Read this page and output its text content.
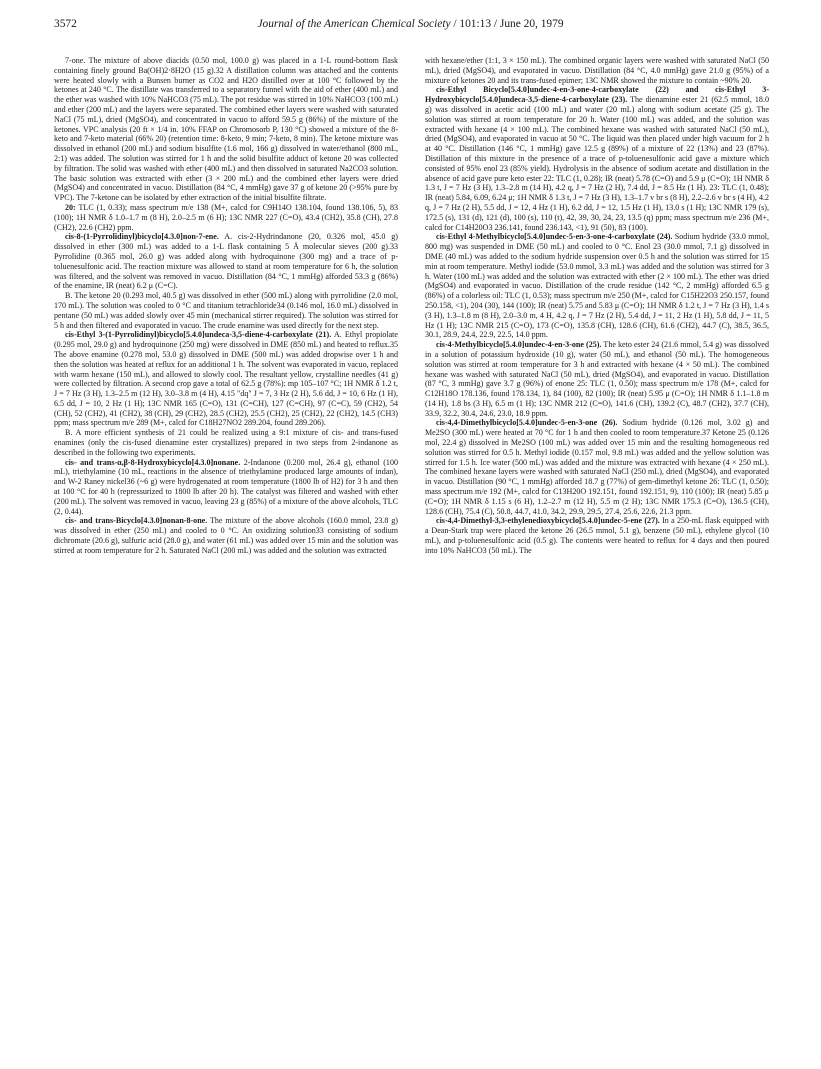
3572	Journal of the American Chemical Society / 101:13 / June 20, 1979

7-one. The mixture of above diacids (0.50 mol, 100.0 g) was placed in a 1-L round-bottom flask containing finely ground Ba(OH)2·8H2O (15 g).32 A distillation column was attached and the contents were heated slowly with a Bunsen burner as CO2 and H2O distilled over at 100 °C followed by the ketones at 240 °C. The distillate was transferred to a separatory funnel with the aid of ether (400 mL) and the ether was washed with 10% NaHCO3 (75 mL). The pot residue was stirred in 10% NaHCO3 (100 mL) and ether (200 mL) and the layers were separated. The combined ether layers were washed with saturated NaCl (75 mL), dried (MgSO4), and concentrated in vacuo to afford 59.5 g (86%) of the mixture of the ketones. VPC analysis (20 ft × 1/4 in. 10% FFAP on Chromosorb P, 130 °C) showed a mixture of the 8-keto and 7-keto material (66% 20) (retention time: 8-keto, 9 min; 7-keto, 8 min). The ketone mixture was dissolved in ethanol (200 mL) and sodium bisulfite (1.6 mol, 166 g) dissolved in water/ethanol (800 mL, 2:1) was added. The solution was stirred for 1 h and the solid bisulfite adduct of ketone 20 was collected by filtration. The solid was washed with ether (400 mL) and then dissolved in saturated Na2CO3 solution. The basic solution was extracted with ether (3 × 200 mL) and the combined ether layers were dried (MgSO4) and concentrated in vacuo. Distillation (84 °C, 4 mmHg) gave 37 g of ketone 20 (>95% pure by VPC). The 7-ketone can be isolated by ether extraction of the initial bisulfite filtrate.

20: TLC (1, 0.33); mass spectrum m/e 138 (M+, calcd for C9H14O 138.104, found 138.106, 5), 83 (100); 1H NMR δ 1.0–1.7 m (8 H), 2.0–2.5 m (6 H); 13C NMR 227 (C=O), 43.4 (CH2), 35.8 (CH), 27.8 (CH2), 22.6 (CH2) ppm.

cis-8-(1-Pyrrolidinyl)bicyclo[4.3.0]non-7-ene. A. cis-2-Hydrindanone (20, 0.326 mol, 45.0 g) dissolved in ether (300 mL) was added to a 1-L flask containing 5 Å molecular sieves (200 g).33 Pyrrolidine (0.365 mol, 26.0 g) was added along with hydroquinone (300 mg) and a trace of p-toluenesulfonic acid. The reaction mixture was allowed to stand at room temperature for 6 h, the solution was filtered, and the solvent was removed in vacuo. Distillation (84 °C, 1 mmHg) afforded 53.3 g (86%) of the enamine, IR (neat) 6.2 μ (C=C).

B. The ketone 20 (0.293 mol, 40.5 g) was dissolved in ether (500 mL) along with pyrrolidine (2.0 mol, 170 mL). The solution was cooled to 0 °C and titanium tetrachloride34 (0.146 mol, 16.0 mL) dissolved in pentane (50 mL) was added slowly over 45 min (mechanical stirrer required). The solution was stirred for 5 h and then filtered and evaporated in vacuo. The crude enamine was used directly for the next step.

cis-Ethyl 3-(1-Pyrrolidinyl)bicyclo[5.4.0]undeca-3,5-diene-4-carboxylate (21). A. Ethyl propiolate (0.295 mol, 29.0 g) and hydroquinone (250 mg) were dissolved in DME (850 mL) and heated to reflux.35 The above enamine (0.278 mol, 53.0 g) dissolved in DME (500 mL) was added dropwise over 1 h and then the solution was heated at reflux for an additional 1 h. The solvent was evaporated in vacuo, replaced with warm hexane (150 mL), and allowed to slowly cool. The resultant yellow, crystalline needles (41 g) were collected by filtration. A second crop gave a total of 62.5 g (78%): mp 105–107 °C; 1H NMR δ 1.2 t, J = 7 Hz (3 H), 1.3–2.5 m (12 H), 3.0–3.8 m (4 H), 4.15 "dq" J = 7, 3 Hz (2 H), 5.6 dd, J = 10, 6 Hz (1 H), 6.5 dd, J = 10, 2 Hz (1 H); 13C NMR 165 (C=O), 131 (C=CH), 127 (C=CH), 97 (C=C), 59 (CH2), 54 (CH), 52 (CH2), 41 (CH2), 38 (CH), 29 (CH2), 28.5 (CH2), 25.5 (CH2), 25 (CH2), 22 (CH2), 14.5 (CH3) ppm; mass spectrum m/e 289 (M+, calcd for C18H27NO2 289.204, found 289.206).

B. A more efficient synthesis of 21 could be realized using a 9:1 mixture of cis- and trans-fused enamines (only the cis-fused dienamine ester crystallizes) prepared in two steps from 2-indanone as described in the following two experiments.

cis- and trans-α,β-8-Hydroxybicyclo[4.3.0]nonane. 2-Indanone (0.200 mol, 26.4 g), ethanol (100 mL), triethylamine (10 mL, reactions in the absence of triethylamine produced large amounts of indan), and W-2 Raney nickel36 (~6 g) were hydrogenated at room temperature (1800 lb of H2) for 3 h and then at 100 °C for 40 h (repressurized to 1800 lb after 20 h). The catalyst was filtered and washed with ether (200 mL). The solvent was removed in vacuo, leaving 23 g (85%) of a mixture of the above alcohols, TLC (2, 0.44).

cis- and trans-Bicyclo[4.3.0]nonan-8-one. The mixture of the above alcohols (160.0 mmol, 23.8 g) was dissolved in ether (250 mL) and cooled to 0 °C. An oxidizing solution33 consisting of sodium dichromate (20.6 g), sulfuric acid (28.0 g), and water (61 mL) was added over 15 min and the solution was stirred at room temperature for 2 h. Saturated NaCl (200 mL) was added and the solution was extracted

with hexane/ether (1:1, 3 × 150 mL). The combined organic layers were washed with saturated NaCl (50 mL), dried (MgSO4), and evaporated in vacuo. Distillation (84 °C, 4.0 mmHg) gave 21.0 g (95%) of a mixture of ketones 20 and its trans-fused epimer; 13C NMR showed the mixture to contain ~90% 20.

cis-Ethyl Bicyclo[5.4.0]undec-4-en-3-one-4-carboxylate (22) and cis-Ethyl 3-Hydroxybicyclo[5.4.0]undeca-3,5-diene-4-carboxylate (23). The dienamine ester 21 (62.5 mmol, 18.0 g) was dissolved in acetic acid (100 mL) and water (20 mL) along with sodium acetate (25 g). The solution was stirred at room temperature for 20 h. Water (100 mL) was added, and the solution was extracted with hexane (4 × 100 mL). The combined hexane was washed with saturated NaCl (50 mL), dried (MgSO4), and evaporated in vacuo at 50 °C. The liquid was then placed under high vacuum for 2 h at 40 °C. Distillation (146 °C, 1 mmHg) gave 12.5 g (89%) of a mixture of 22 (13%) and 23 (87%). Distillation of this mixture in the presence of a trace of p-toluenesulfonic acid gave a mixture which consisted of 95% enol 23 (85% yield). Hydrolysis in the absence of sodium acetate and distillation in the absence of acid gave pure keto ester 22: TLC (1, 0.28); IR (neat) 5.78 (C=O) and 5.9 μ (C=O); 1H NMR δ 1.3 t, J = 7 Hz (3 H), 1.3–2.8 m (14 H), 4.2 q, J = 7 Hz (2 H), 7.4 dd, J = 8.5 Hz (1 H). 23: TLC (1, 0.48); IR (neat) 5.84, 6.09, 6.24 μ; 1H NMR δ 1.3 t, J = 7 Hz (3 H), 1.3–1.7 v br s (8 H), 2.2–2.6 v br s (4 H), 4.2 q, J = 7 Hz (2 H), 5.5 dd, J = 12, 4 Hz (1 H), 6.2 dd, J = 12, 1.5 Hz (1 H), 13.0 s (1 H); 13C NMR 179 (s), 172.5 (s), 131 (d), 121 (d), 100 (s), 110 (t), 42, 39, 30, 24, 23, 13.5 (q) ppm; mass spectrum m/e 236 (M+, calcd for C14H20O3 236.141, found 236.143, <1), 91 (50), 83 (100).

cis-Ethyl 4-Methylbicyclo[5.4.0]undec-5-en-3-one-4-carboxylate (24). Sodium hydride (33.0 mmol, 800 mg) was suspended in DME (50 mL) and cooled to 0 °C. Enol 23 (30.0 mmol, 7.1 g) dissolved in DME (40 mL) was added to the sodium hydride suspension over 0.5 h and the solution was stirred for 15 min at room temperature. Methyl iodide (53.0 mmol, 3.3 mL) was added and the solution was stirred for 3 h. Water (100 mL) was added and the solution was extracted with ether (2 × 100 mL). The ether was dried (MgSO4) and evaporated in vacuo. Distillation of the crude residue (142 °C, 2 mmHg) afforded 6.5 g (86%) of a colorless oil: TLC (1, 0.53); mass spectrum m/e 250 (M+, calcd for C15H22O3 250.157, found 250.158, <1), 204 (30), 144 (100); IR (neat) 5.75 and 5.83 μ (C=O); 1H NMR δ 1.2 t, J = 7 Hz (3 H), 1.4 s (3 H), 1.3–1.8 m (8 H), 2.0–3.0 m, 4 H, 4.2 q, J = 7 Hz (2 H), 5.4 dd, J = 11, 2 Hz (1 H), 5.8 dd, J = 11, 5 Hz (1 H); 13C NMR 215 (C=O), 173 (C=O), 135.8 (CH), 128.6 (CH), 61.6 (CH2), 44.7 (C), 38.5, 36.5, 30.1, 28.9, 24.4, 22.9, 22.5, 14.0 ppm.

cis-4-Methylbicyclo[5.4.0]undec-4-en-3-one (25). The keto ester 24 (21.6 mmol, 5.4 g) was dissolved in a solution of potassium hydroxide (10 g), water (50 mL), and ethanol (50 mL). The homogeneous solution was stirred at room temperature for 3 h and extracted with hexane (4 × 50 mL). The combined hexane was washed with saturated NaCl (50 mL), dried (MgSO4), and evaporated in vacuo. Distillation (87 °C, 3 mmHg) gave 3.7 g (96%) of enone 25: TLC (1, 0.50); mass spectrum m/e 178 (M+, calcd for C12H18O 178.136, found 178.134, 1), 84 (100), 82 (100); IR (neat) 5.95 μ (C=O); 1H NMR δ 1.1–1.8 m (14 H), 1.8 bs (3 H), 6.5 m (1 H); 13C NMR 212 (C=O), 141.6 (CH), 139.2 (C), 48.7 (CH2), 37.7 (CH), 33.9, 32.2, 30.4, 24.6, 23.0, 18.9 ppm.

cis-4,4-Dimethylbicyclo[5.4.0]undec-5-en-3-one (26). Sodium hydride (0.126 mol, 3.02 g) and Me2SO (300 mL) were heated at 70 °C for 1 h and then cooled to room temperature.37 Ketone 25 (0.126 mol, 22.4 g) dissolved in Me2SO (100 mL) was added over 15 min and the resulting homogeneous red solution was stirred for 0.5 h. Methyl iodide (0.157 mol, 9.8 mL) was added and the yellow solution was stirred for 1.5 h. Ice water (500 mL) was added and the mixture was extracted with hexane (4 × 250 mL). The combined hexane layers were washed with saturated NaCl (250 mL), dried (MgSO4), and evaporated in vacuo. Distillation (90 °C, 1 mmHg) afforded 18.7 g (77%) of gem-dimethyl ketone 26: TLC (1, 0.50); mass spectrum m/e 192 (M+, calcd for C13H20O 192.151, found 192.151, 9), 110 (100); IR (neat) 5.85 μ (C=O); 1H NMR δ 1.15 s (6 H), 1.2–2.7 m (12 H), 5.5 m (2 H); 13C NMR 175.3 (C=O), 136.5 (CH), 128.6 (CH), 75.4 (C), 50.8, 44.7, 41.0, 34.2, 29.9, 29.5, 27.4, 25.6, 22.6, 21.3 ppm.

cis-4,4-Dimethyl-3,3-ethylenedioxybicyclo[5.4.0]undec-5-ene (27). In a 250-mL flask equipped with a Dean-Stark trap were placed the ketone 26 (26.5 mmol, 5.1 g), benzene (50 mL), ethylene glycol (10 mL), and p-toluenesulfonic acid (0.5 g). The contents were heated to reflux for 4 days and then poured into 10% NaHCO3 (50 mL). The
